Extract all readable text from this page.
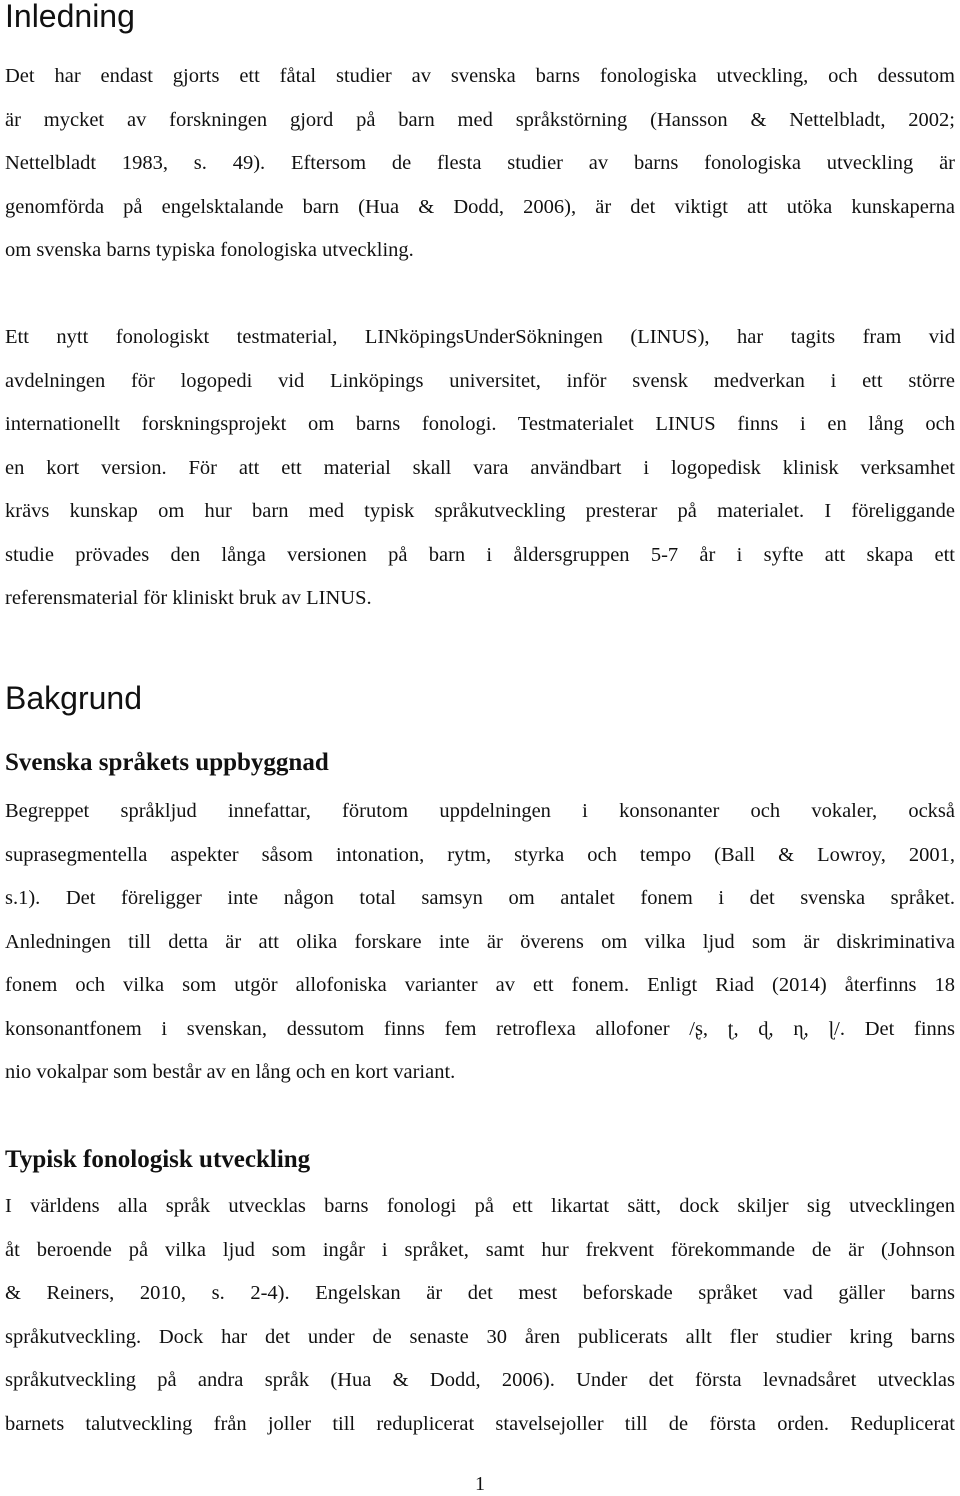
Inledning
Det har endast gjorts ett fåtal studier av svenska barns fonologiska utveckling, och dessutom
är mycket av forskningen gjord på barn med språkstörning (Hansson & Nettelbladt, 2002;
Nettelbladt 1983, s. 49). Eftersom de flesta studier av barns fonologiska utveckling är
genomförda på engelsktalande barn (Hua & Dodd, 2006), är det viktigt att utöka kunskaperna
om svenska barns typiska fonologiska utveckling.
Ett nytt fonologiskt testmaterial, LINköpingsUnderSökningen (LINUS), har tagits fram vid
avdelningen för logopedi vid Linköpings universitet, inför svensk medverkan i ett större
internationellt forskningsprojekt om barns fonologi. Testmaterialet LINUS finns i en lång och
en kort version. För att ett material skall vara användbart i logopedisk klinisk verksamhet
krävs kunskap om hur barn med typisk språkutveckling presterar på materialet. I föreliggande
studie prövades den långa versionen på barn i åldersgruppen 5-7 år i syfte att skapa ett
referensmaterial för kliniskt bruk av LINUS.
Bakgrund
Svenska språkets uppbyggnad
Begreppet språkljud innefattar, förutom uppdelningen i konsonanter och vokaler, också
suprasegmentella aspekter såsom intonation, rytm, styrka och tempo (Ball & Lowroy, 2001,
s.1). Det föreligger inte någon total samsyn om antalet fonem i det svenska språket.
Anledningen till detta är att olika forskare inte är överens om vilka ljud som är diskriminativa
fonem och vilka som utgör allofoniska varianter av ett fonem. Enligt Riad (2014) återfinns 18
konsonantfonem i svenskan, dessutom finns fem retroflexa allofoner /ʂ, ʈ, ɖ, ɳ, ɭ/. Det finns
nio vokalpar som består av en lång och en kort variant.
Typisk fonologisk utveckling
I världens alla språk utvecklas barns fonologi på ett likartat sätt, dock skiljer sig utvecklingen
åt beroende på vilka ljud som ingår i språket, samt hur frekvent förekommande de är (Johnson
& Reiners, 2010, s. 2-4). Engelskan är det mest beforskade språket vad gäller barns
språkutveckling. Dock har det under de senaste 30 åren publicerats allt fler studier kring barns
språkutveckling på andra språk (Hua & Dodd, 2006). Under det första levnadsåret utvecklas
barnets talutveckling från joller till reduplicerat stavelsejoller till de första orden. Reduplicerat
1
